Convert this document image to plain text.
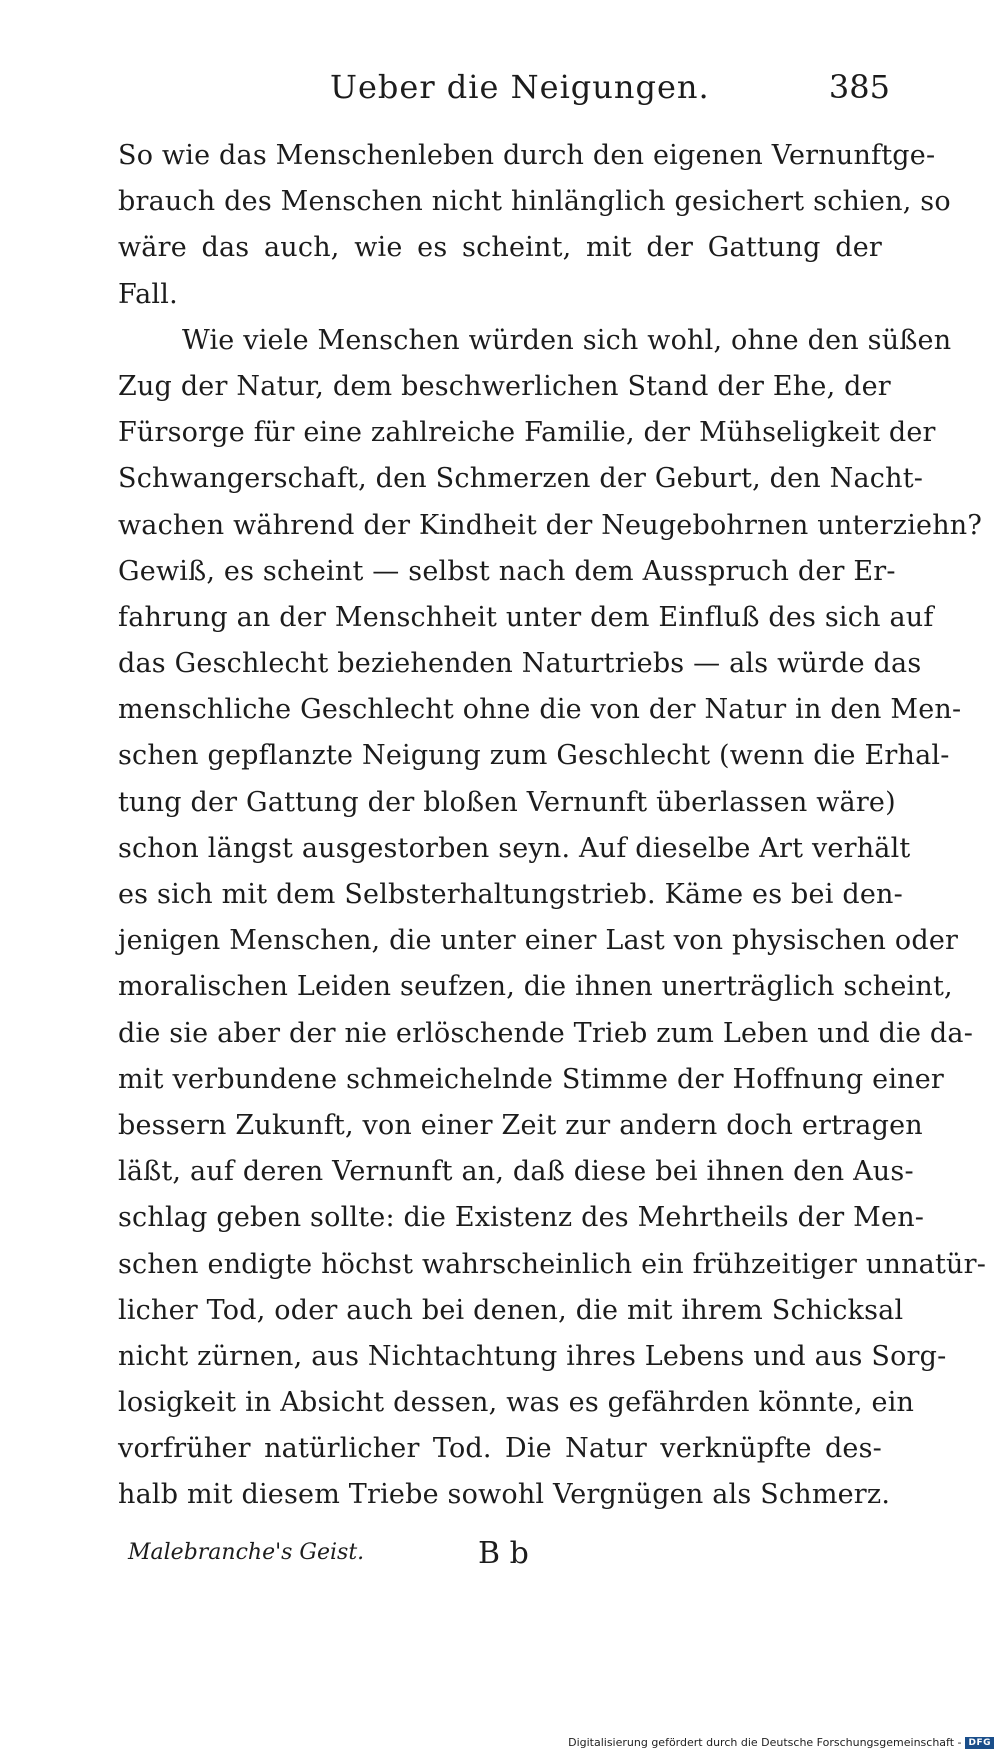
Ueber die Neigungen.	385
So wie das Menschenleben durch den eigenen Vernunftge-
brauch des Menschen nicht hinlänglich gesichert schien, so
wäre das auch, wie es scheint, mit der Gattung der
Fall.
Wie viele Menschen würden sich wohl, ohne den süßen
Zug der Natur, dem beschwerlichen Stand der Ehe, der
Fürsorge für eine zahlreiche Familie, der Mühseligkeit der
Schwangerschaft, den Schmerzen der Geburt, den Nacht-
wachen während der Kindheit der Neugebohrnen unterziehn?
Gewiß, es scheint — selbst nach dem Ausspruch der Er-
fahrung an der Menschheit unter dem Einfluß des sich auf
das Geschlecht beziehenden Naturtriebs — als würde das
menschliche Geschlecht ohne die von der Natur in den Men-
schen gepflanzte Neigung zum Geschlecht (wenn die Erhal-
tung der Gattung der bloßen Vernunft überlassen wäre)
schon längst ausgestorben seyn. Auf dieselbe Art verhält
es sich mit dem Selbsterhaltungstrieb. Käme es bei den-
jenigen Menschen, die unter einer Last von physischen oder
moralischen Leiden seufzen, die ihnen unerträglich scheint,
die sie aber der nie erlöschende Trieb zum Leben und die da-
mit verbundene schmeichelnde Stimme der Hoffnung einer
bessern Zukunft, von einer Zeit zur andern doch ertragen
läßt, auf deren Vernunft an, daß diese bei ihnen den Aus-
schlag geben sollte: die Existenz des Mehrtheils der Men-
schen endigte höchst wahrscheinlich ein frühzeitiger unnatür-
licher Tod, oder auch bei denen, die mit ihrem Schicksal
nicht zürnen, aus Nichtachtung ihres Lebens und aus Sorg-
losigkeit in Absicht dessen, was es gefährden könnte, ein
vorfrüher natürlicher Tod. Die Natur verknüpfte des-
halb mit diesem Triebe sowohl Vergnügen als Schmerz.
Malebranche's Geist.	B b
Digitalisierung gefördert durch die Deutsche Forschungsgemeinschaft - DFG
